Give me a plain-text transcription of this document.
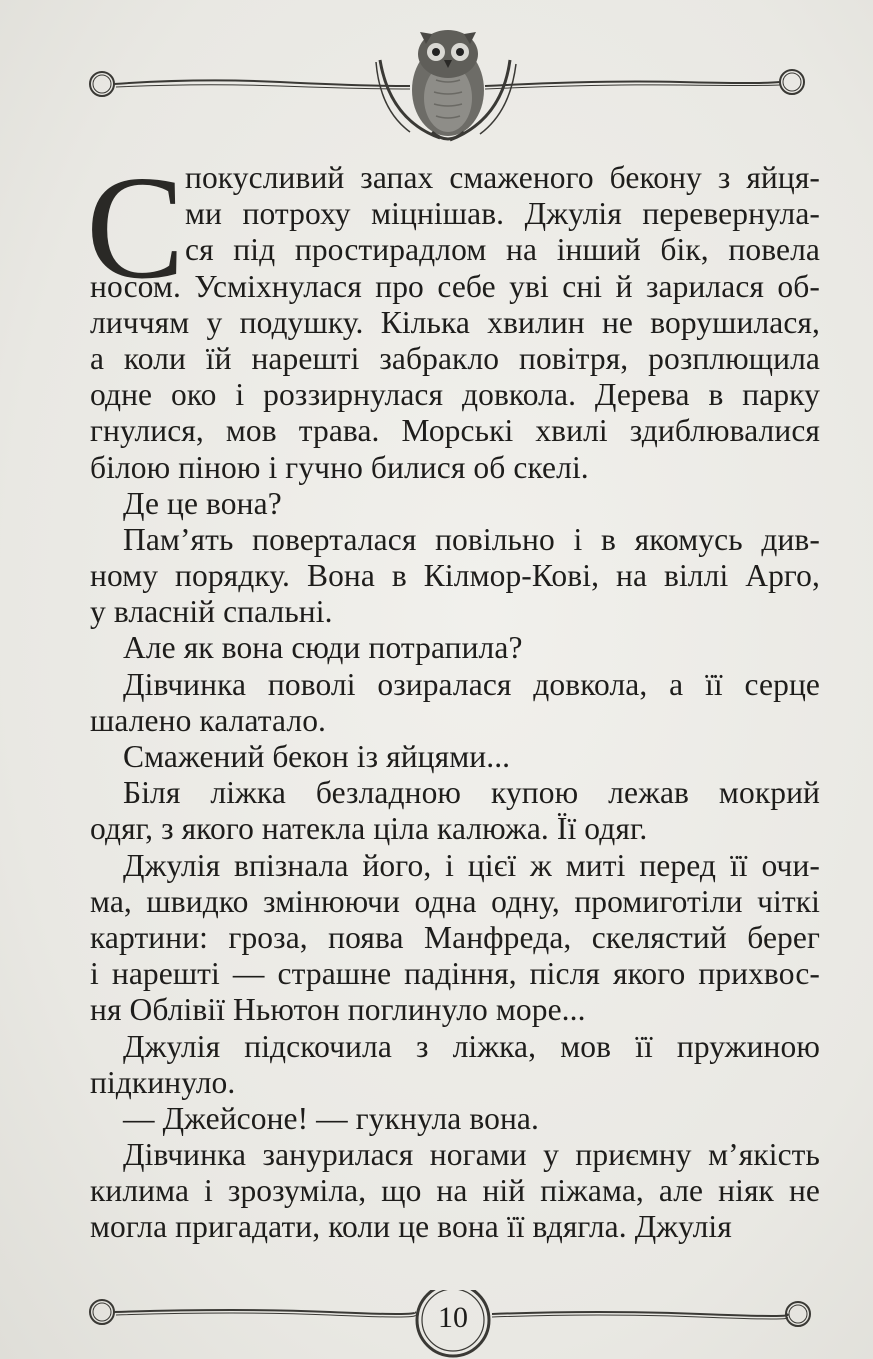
С покусливий запах смаженого бекону з яйця-
ми потроху міцнішав. Джулія перевернула-
ся під простирадлом на інший бік, повела
носом. Усміхнулася про себе уві сні й зарилася об-
личчям у подушку. Кілька хвилин не ворушилася,
а коли їй нарешті забракло повітря, розплющила
одне око і роззирнулася довкола. Дерева в парку
гнулися, мов трава. Морські хвилі здиблювалися
білою піною і гучно билися об скелі.
Де це вона?
Пам’ять поверталася повільно і в якомусь див-
ному порядку. Вона в Кілмор-Кові, на віллі Арго,
у власній спальні.
Але як вона сюди потрапила?
Дівчинка поволі озиралася довкола, а її серце
шалено калатало.
Смажений бекон із яйцями...
Біля ліжка безладною купою лежав мокрий
одяг, з якого натекла ціла калюжа. Її одяг.
Джулія впізнала його, і цієї ж миті перед її очи-
ма, швидко змінюючи одна одну, промиготіли чіткі
картини: гроза, поява Манфреда, скелястий берег
і нарешті — страшне падіння, після якого прихвос-
ня Облівії Ньютон поглинуло море...
Джулія підскочила з ліжка, мов її пружиною
підкинуло.
— Джейсоне! — гукнула вона.
Дівчинка занурилася ногами у приємну м’якість
килима і зрозуміла, що на ній піжама, але ніяк не
могла пригадати, коли це вона її вдягла. Джулія
10
